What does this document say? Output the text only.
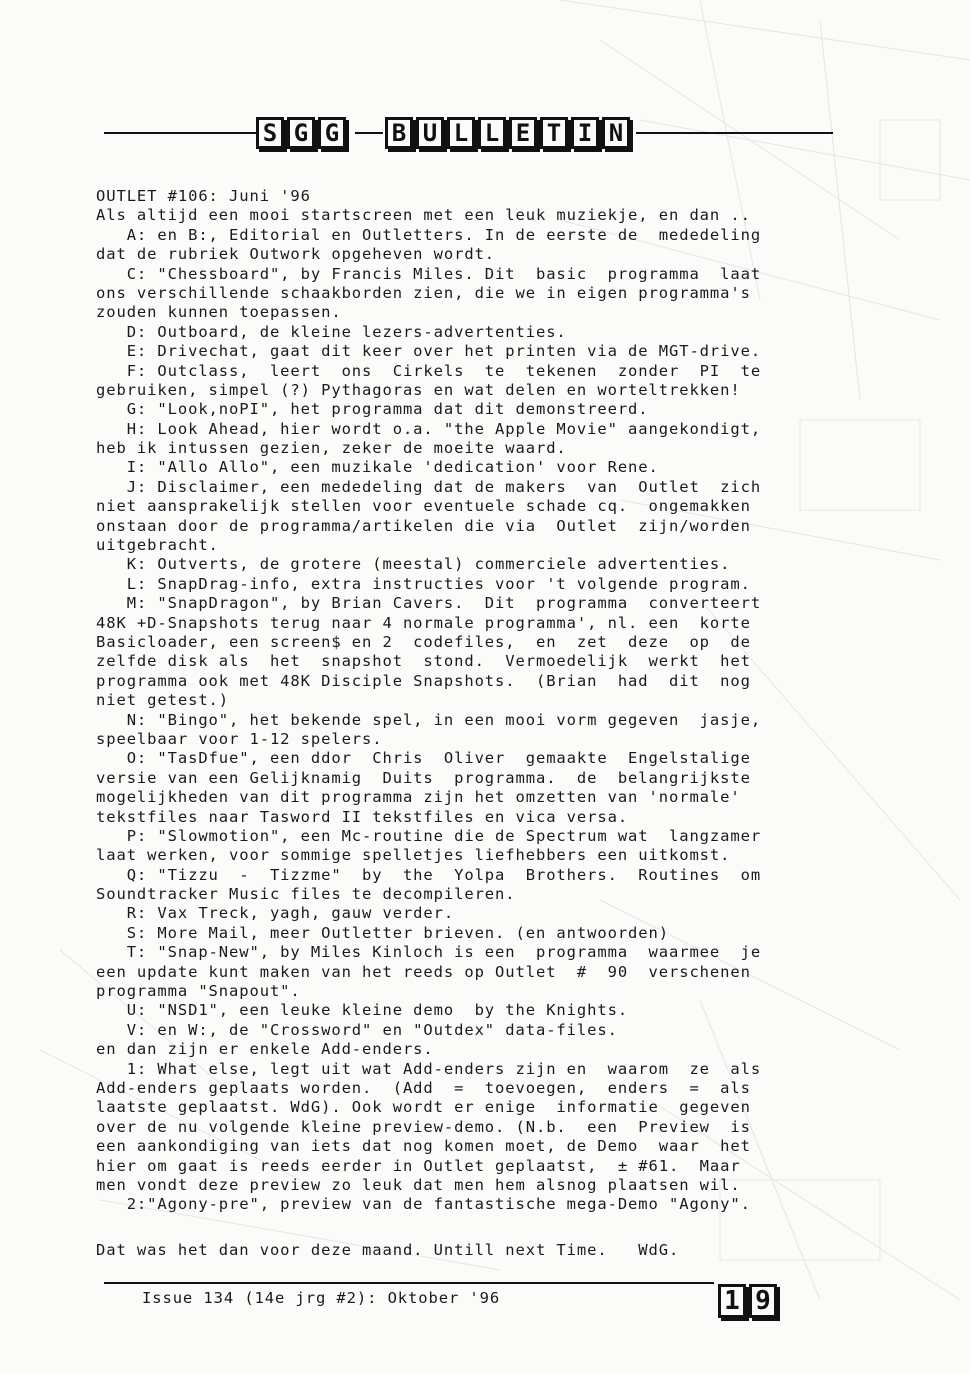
S G G B U L L E T I N
OUTLET #106: Juni '96
Als altijd een mooi startscreen met een leuk muziekje, en dan ..
A: en B:, Editorial en Outletters. In de eerste de  mededeling
dat de rubriek Outwork opgeheven wordt.
C: "Chessboard", by Francis Miles. Dit  basic  programma  laat
ons verschillende schaakborden zien, die we in eigen programma's
zouden kunnen toepassen.
D: Outboard, de kleine lezers-advertenties.
E: Drivechat, gaat dit keer over het printen via de MGT-drive.
F: Outclass,  leert  ons  Cirkels  te  tekenen  zonder  PI  te
gebruiken, simpel (?) Pythagoras en wat delen en worteltrekken!
G: "Look,noPI", het programma dat dit demonstreerd.
H: Look Ahead, hier wordt o.a. "the Apple Movie" aangekondigt,
heb ik intussen gezien, zeker de moeite waard.
I: "Allo Allo", een muzikale 'dedication' voor Rene.
J: Disclaimer, een mededeling dat de makers  van  Outlet  zich
niet aansprakelijk stellen voor eventuele schade cq.  ongemakken
onstaan door de programma/artikelen die via  Outlet  zijn/worden
uitgebracht.
K: Outverts, de grotere (meestal) commerciele advertenties.
L: SnapDrag-info, extra instructies voor 't volgende program.
M: "SnapDragon", by Brian Cavers.  Dit  programma  converteert
48K +D-Snapshots terug naar 4 normale programma', nl. een  korte
Basicloader, een screen$ en 2  codefiles,  en  zet  deze  op  de
zelfde disk als  het  snapshot  stond.  Vermoedelijk  werkt  het
programma ook met 48K Disciple Snapshots.  (Brian  had  dit  nog
niet getest.)
N: "Bingo", het bekende spel, in een mooi vorm gegeven  jasje,
speelbaar voor 1-12 spelers.
O: "TasDfue", een ddor  Chris  Oliver  gemaakte  Engelstalige
versie van een Gelijknamig  Duits  programma.  de  belangrijkste
mogelijkheden van dit programma zijn het omzetten van 'normale'
tekstfiles naar Tasword II tekstfiles en vica versa.
P: "Slowmotion", een Mc-routine die de Spectrum wat  langzamer
laat werken, voor sommige spelletjes liefhebbers een uitkomst.
Q: "Tizzu  -  Tizzme"  by  the  Yolpa  Brothers.  Routines  om
Soundtracker Music files te decompileren.
R: Vax Treck, yagh, gauw verder.
S: More Mail, meer Outletter brieven. (en antwoorden)
T: "Snap-New", by Miles Kinloch is een  programma  waarmee  je
een update kunt maken van het reeds op Outlet  #  90  verschenen
programma "Snapout".
U: "NSD1", een leuke kleine demo  by the Knights.
V: en W:, de "Crossword" en "Outdex" data-files.
en dan zijn er enkele Add-enders.
1: What else, legt uit wat Add-enders zijn en  waarom  ze  als
Add-enders geplaats worden.  (Add  =  toevoegen,  enders  =  als
laatste geplaatst. WdG). Ook wordt er enige  informatie  gegeven
over de nu volgende kleine preview-demo. (N.b.  een  Preview  is
een aankondiging van iets dat nog komen moet, de Demo  waar  het
hier om gaat is reeds eerder in Outlet geplaatst,  ± #61.  Maar
men vondt deze preview zo leuk dat men hem alsnog plaatsen wil.
2:"Agony-pre", preview van de fantastische mega-Demo "Agony".
Dat was het dan voor deze maand. Untill next Time.   WdG.
Issue 134 (14e jrg #2): Oktober '96	1 9
